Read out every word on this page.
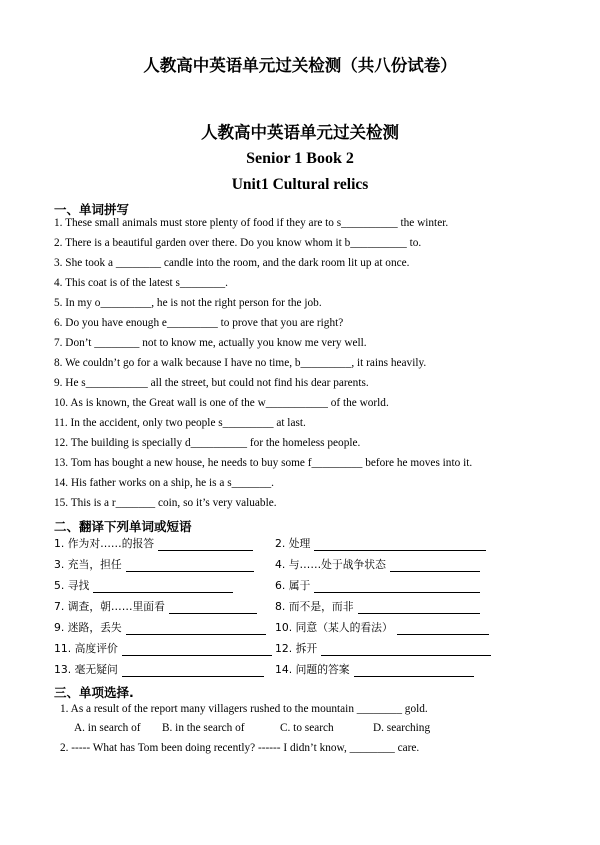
人教高中英语单元过关检测（共八份试卷）
人教高中英语单元过关检测
Senior 1 Book 2
Unit1 Cultural relics
一、单词拼写
1. These small animals must store plenty of food if they are to s__________ the winter.
2. There is a beautiful garden over there. Do you know whom it b__________ to.
3. She took a ________ candle into the room, and the dark room lit up at once.
4. This coat is of the latest s________.
5. In my o_________, he is not the right person for the job.
6. Do you have enough e_________ to prove that you are right?
7. Don’t ________ not to know me, actually you know me very well.
8. We couldn’t go for a walk because I have no time, b_________, it rains heavily.
9. He s___________ all the street, but could not find his dear parents.
10. As is known, the Great wall is one of the w___________ of the world.
11. In the accident, only two people s_________ at last.
12. The building is specially d__________ for the homeless people.
13. Tom has bought a new house, he needs to buy some f_________ before he moves into it.
14. His father works on a ship, he is a s_______.
15. This is a r_______ coin, so it’s very valuable.
二、翻译下列单词或短语
1. 作为对……的报答	2. 处理
3. 充当，担任	4. 与……处于战争状态
5. 寻找	6. 属于
7. 调查，朝……里面看	8. 而不是，而非
9. 迷路，丢失	10. 同意（某人的看法）
11. 高度评价	12. 拆开
13. 毫无疑问	14. 问题的答案
三、单项选择.
1. As a result of the report many villagers rushed to the mountain ________ gold.
A. in search of B. in the search of	C. to search	D. searching
2. ----- What has Tom been doing recently? ------ I didn’t know, ________ care.
